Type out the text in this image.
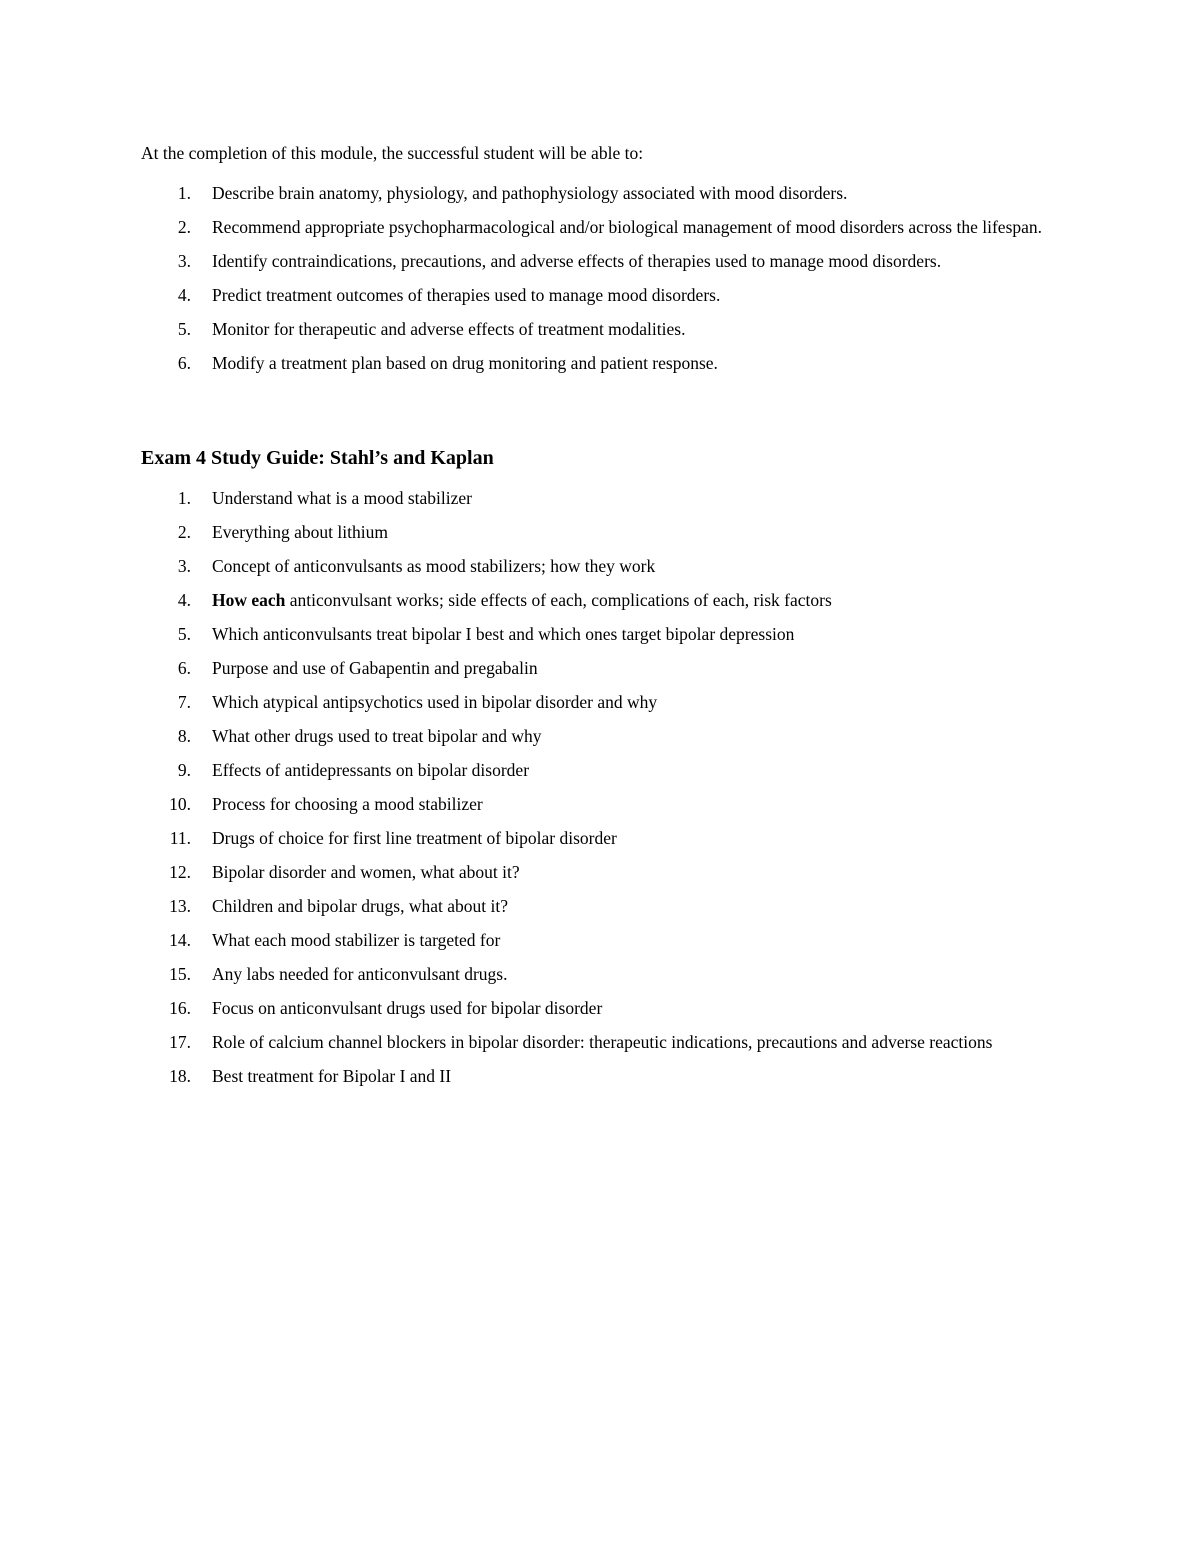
At the completion of this module, the successful student will be able to:
1. Describe brain anatomy, physiology, and pathophysiology associated with mood disorders.
2. Recommend appropriate psychopharmacological and/or biological management of mood disorders across the lifespan.
3. Identify contraindications, precautions, and adverse effects of therapies used to manage mood disorders.
4. Predict treatment outcomes of therapies used to manage mood disorders.
5. Monitor for therapeutic and adverse effects of treatment modalities.
6. Modify a treatment plan based on drug monitoring and patient response.
Exam 4 Study Guide: Stahl’s and Kaplan
1. Understand what is a mood stabilizer
2. Everything about lithium
3. Concept of anticonvulsants as mood stabilizers; how they work
4. How each anticonvulsant works; side effects of each, complications of each, risk factors
5. Which anticonvulsants treat bipolar I best and which ones target bipolar depression
6. Purpose and use of Gabapentin and pregabalin
7. Which atypical antipsychotics used in bipolar disorder and why
8. What other drugs used to treat bipolar and why
9. Effects of antidepressants on bipolar disorder
10. Process for choosing a mood stabilizer
11. Drugs of choice for first line treatment of bipolar disorder
12. Bipolar disorder and women, what about it?
13. Children and bipolar drugs, what about it?
14. What each mood stabilizer is targeted for
15. Any labs needed for anticonvulsant drugs.
16. Focus on anticonvulsant drugs used for bipolar disorder
17. Role of calcium channel blockers in bipolar disorder: therapeutic indications, precautions and adverse reactions
18. Best treatment for Bipolar I and II
